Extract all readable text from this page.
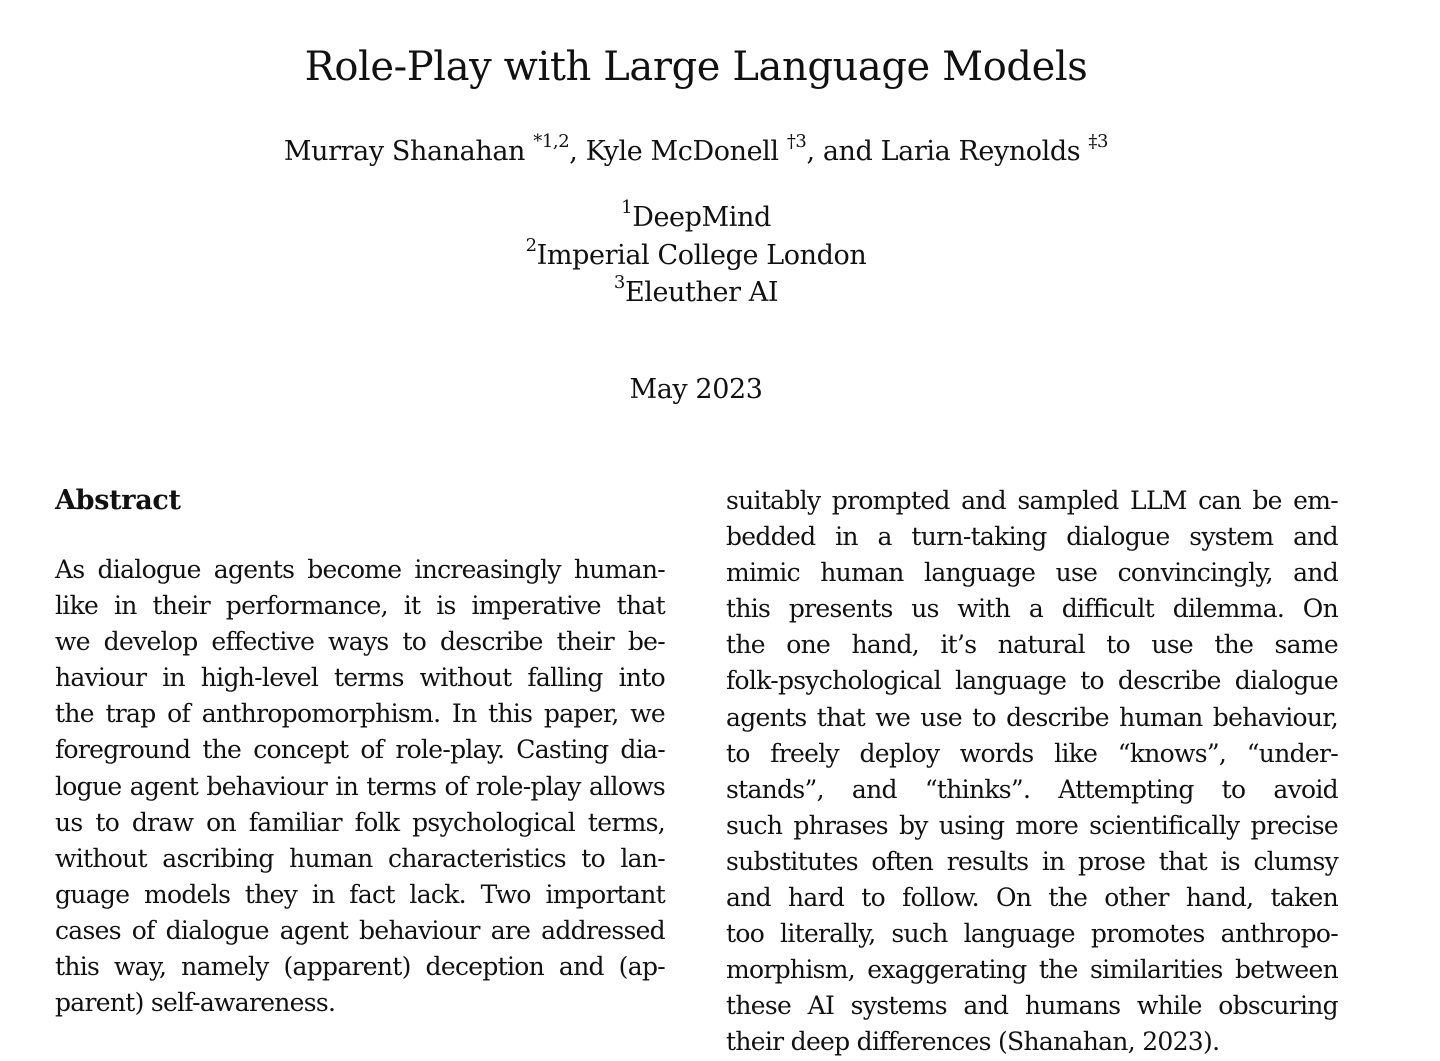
Role-Play with Large Language Models
Murray Shanahan $^{*1,2}$, Kyle McDonell $^{\dagger 3}$, and Laria Reynolds $^{\ddagger 3}$
$^1$DeepMind
$^2$Imperial College London
$^3$Eleuther AI
May 2023
Abstract
As dialogue agents become increasingly human-
like in their performance, it is imperative that
we develop effective ways to describe their be-
haviour in high-level terms without falling into
the trap of anthropomorphism. In this paper, we
foreground the concept of role-play. Casting dia-
logue agent behaviour in terms of role-play allows
us to draw on familiar folk psychological terms,
without ascribing human characteristics to lan-
guage models they in fact lack. Two important
cases of dialogue agent behaviour are addressed
this way, namely (apparent) deception and (ap-
parent) self-awareness.
suitably prompted and sampled LLM can be em-
bedded in a turn-taking dialogue system and
mimic human language use convincingly, and
this presents us with a difficult dilemma. On
the one hand, it’s natural to use the same
folk-psychological language to describe dialogue
agents that we use to describe human behaviour,
to freely deploy words like “knows”, “under-
stands”, and “thinks”. Attempting to avoid
such phrases by using more scientifically precise
substitutes often results in prose that is clumsy
and hard to follow. On the other hand, taken
too literally, such language promotes anthropo-
morphism, exaggerating the similarities between
these AI systems and humans while obscuring
their deep differences (Shanahan, 2023).
